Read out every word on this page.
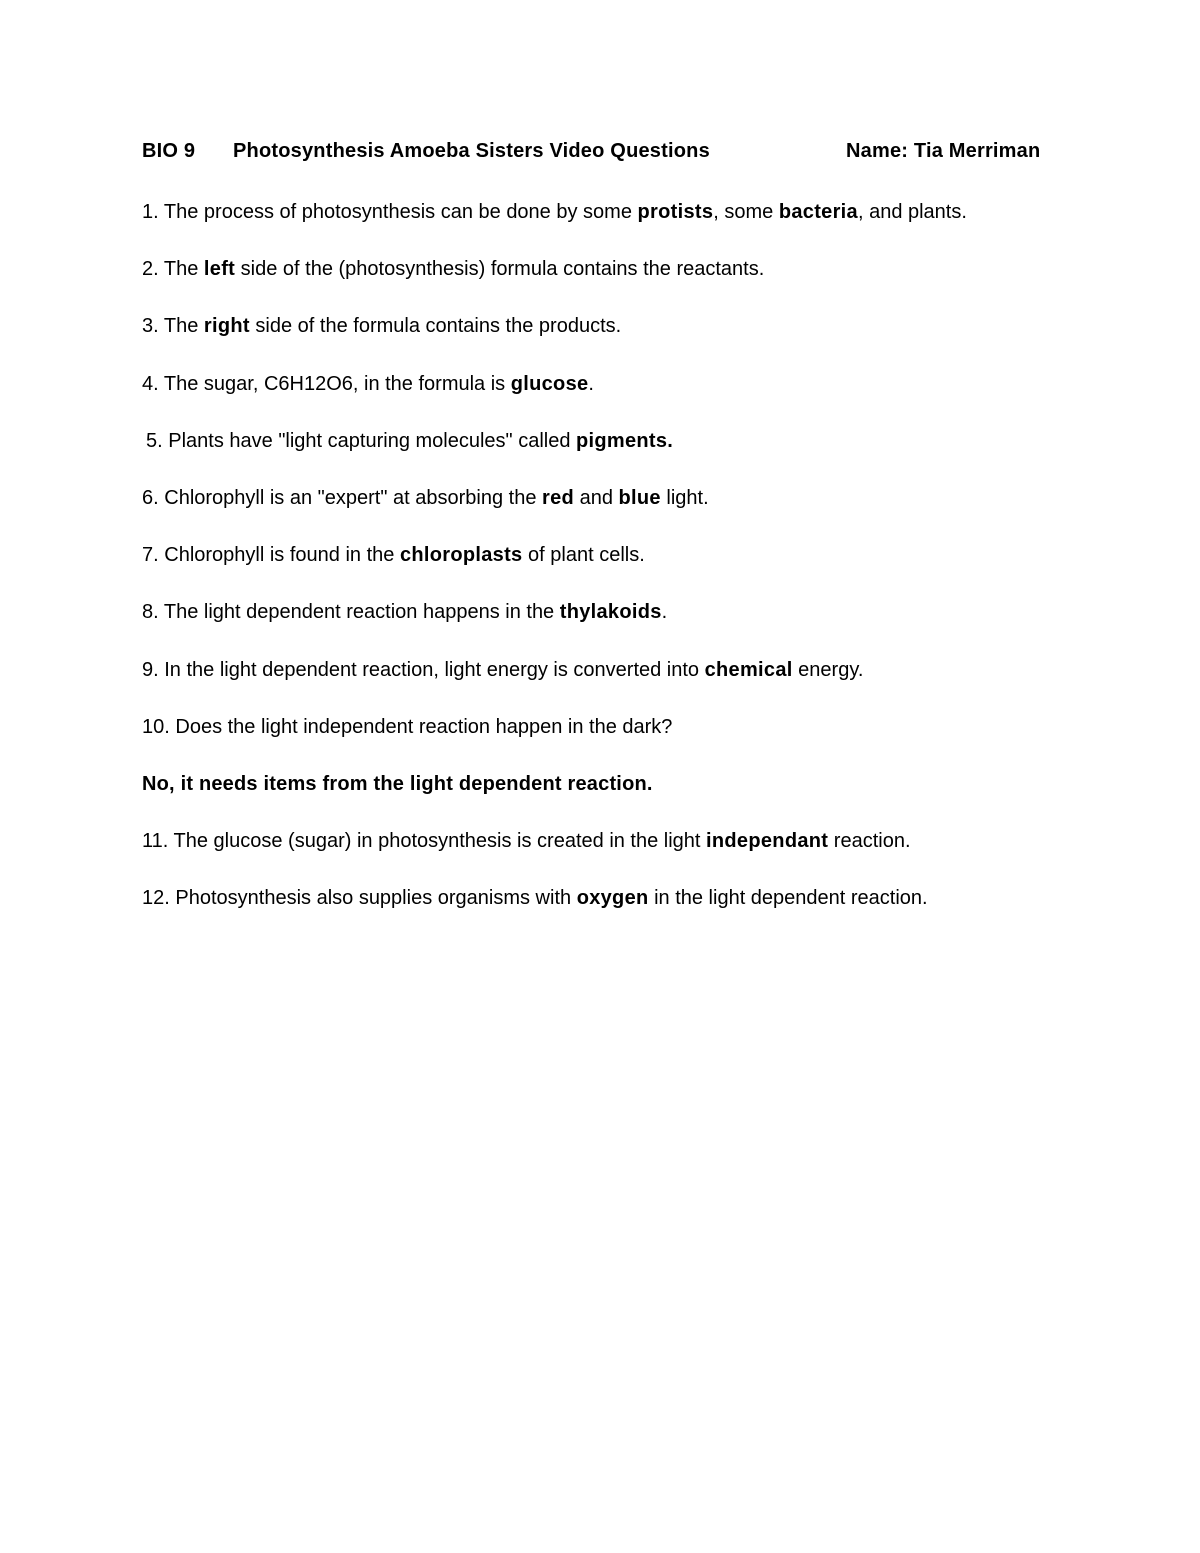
BIO 9 Photosynthesis Amoeba Sisters Video Questions	Name: Tia Merriman
1. The process of photosynthesis can be done by some protists, some bacteria, and plants.
2. The left side of the (photosynthesis) formula contains the reactants.
3. The right side of the formula contains the products.
4. The sugar, C6H12O6, in the formula is glucose.
5. Plants have "light capturing molecules" called pigments.
6. Chlorophyll is an "expert" at absorbing the red and blue light.
7. Chlorophyll is found in the chloroplasts of plant cells.
8. The light dependent reaction happens in the thylakoids.
9. In the light dependent reaction, light energy is converted into chemical energy.
10. Does the light independent reaction happen in the dark?
No, it needs items from the light dependent reaction.
11. The glucose (sugar) in photosynthesis is created in the light independant reaction.
12. Photosynthesis also supplies organisms with oxygen in the light dependent reaction.
